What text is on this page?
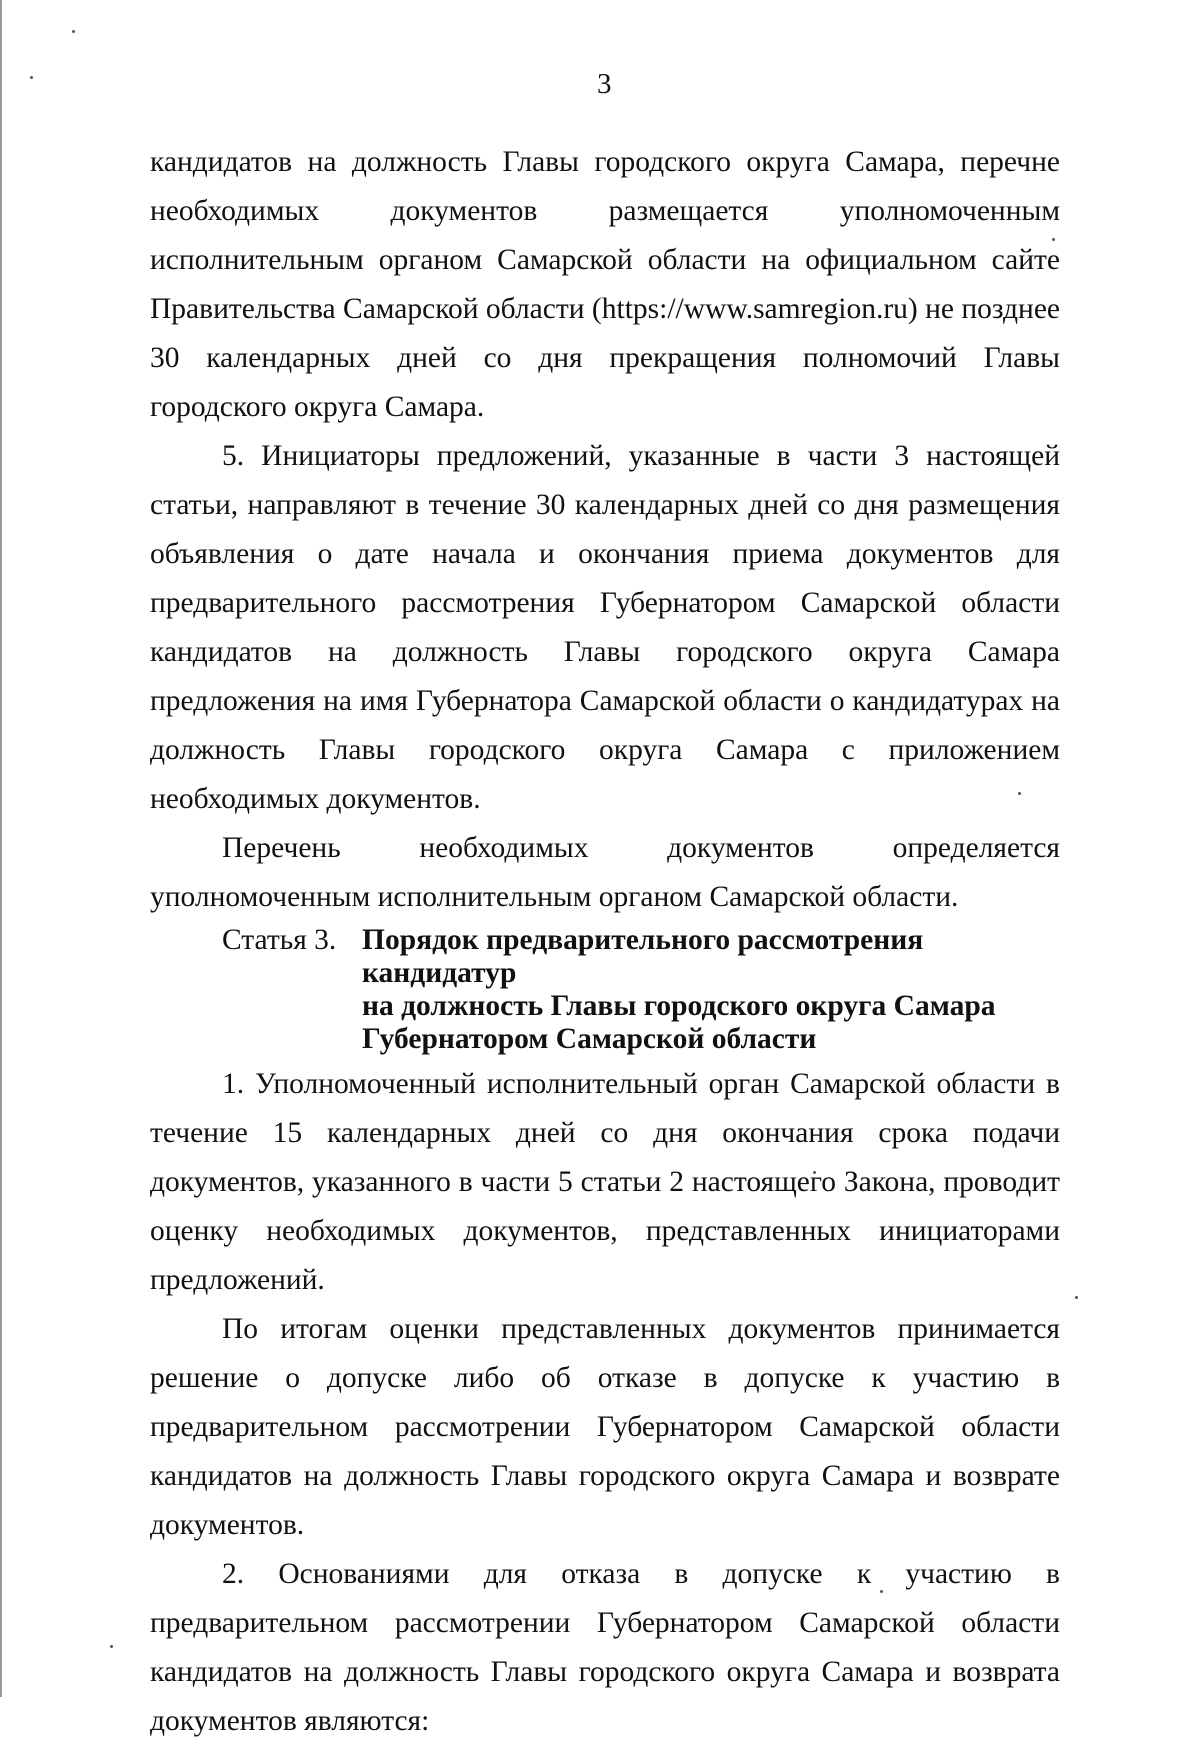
3

кандидатов на должность Главы городского округа Самара, перечне необходимых документов размещается уполномоченным исполнительным органом Самарской области на официальном сайте Правительства Самарской области (https://www.samregion.ru) не позднее 30 календарных дней со дня прекращения полномочий Главы городского округа Самара.

5. Инициаторы предложений, указанные в части 3 настоящей статьи, направляют в течение 30 календарных дней со дня размещения объявления о дате начала и окончания приема документов для предварительного рассмотрения Губернатором Самарской области кандидатов на должность Главы городского округа Самара предложения на имя Губернатора Самарской области о кандидатурах на должность Главы городского округа Самара с приложением необходимых документов.

Перечень необходимых документов определяется уполномоченным исполнительным органом Самарской области.

Статья 3. Порядок предварительного рассмотрения кандидатур
на должность Главы городского округа Самара
Губернатором Самарской области

1. Уполномоченный исполнительный орган Самарской области в течение 15 календарных дней со дня окончания срока подачи документов, указанного в части 5 статьи 2 настоящего Закона, проводит оценку необходимых документов, представленных инициаторами предложений.

По итогам оценки представленных документов принимается решение о допуске либо об отказе в допуске к участию в предварительном рассмотрении Губернатором Самарской области кандидатов на должность Главы городского округа Самара и возврате документов.

2. Основаниями для отказа в допуске к участию в предварительном рассмотрении Губернатором Самарской области кандидатов на должность Главы городского округа Самара и возврата документов являются:
